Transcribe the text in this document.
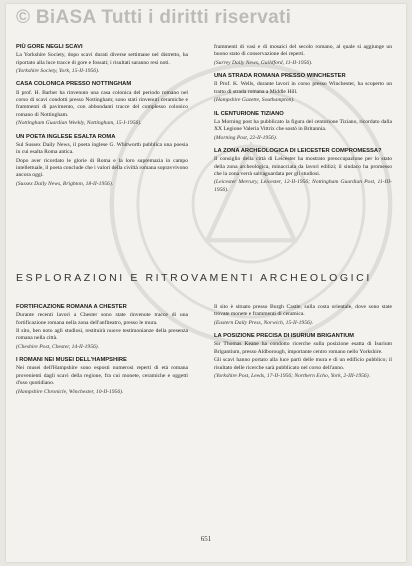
© BiASA Tutti i diritti riservati
PIÙ GORE NEGLI SCAVI
La Yorkshire Society, dopo scavi durati diverse settimane nel distretto, ha riportato alla luce tracce di gore e fossati; i risultati saranno resi noti.
(Yorkshire Society, York, 15-II-1956).
CASA COLONICA PRESSO NOTTINGHAM
Il prof. H. Barber ha rinvenuto una casa colonica del periodo romano nel corso di scavi condotti presso Nottingham; sono stati rinvenuti ceramiche e frammenti di pavimento, con abbondanti tracce del complesso colonico romano di Nottingham.
(Nottingham Guardian Weekly, Nottingham, 15-I-1956).
UN POETA INGLESE ESALTA ROMA
Sul Sussex Daily News, il poeta inglese G. Whitworth pubblica una poesia in cui esalta Roma antica.
Dopo aver ricordato le glorie di Roma e la loro supremazia in campo intellettuale, il poeta conclude che i valori della civiltà romana sopravvivono ancora oggi.
(Sussex Daily News, Brighton, 18-II-1956).
frammenti di vasi e di mosaici del secolo romano, al quale si aggiunge un buono stato di conservazione dei reperti.
(Surrey Daily News, Guildford, 11-II-1956).
UNA STRADA ROMANA PRESSO WINCHESTER
Il Prof. K. Wells, durante lavori in corso presso Winchester, ha scoperto un tratto di strada romana a Middle Hill.
(Hampshire Gazette, Southampton).
IL CENTURIONE TIZIANO
La Morning post ha pubblicato la figura del centurione Tiziano, ricordato dalla XX Legione Valeria Vittrix che sostò in Britannia.
(Morning Post, 22-II-1956).
LA ZONA ARCHEOLOGICA DI LEICESTER COMPROMESSA?
Il consiglio della città di Leicester ha mostrato preoccupazione per lo stato della zona archeologica, minacciata da lavori edilizi; il sindaco ha promesso che la zona verrà salvaguardata per gli studiosi.
(Leicester Mercury, Leicester, 12-II-1956; Nottingham Guardian Post, 11-III-1956).
ESPLORAZIONI E RITROVAMENTI ARCHEOLOGICI
FORTIFICAZIONE ROMANA A CHESTER
Durante recenti lavori a Chester sono state rinvenute tracce di una fortificazione romana nella zona dell'anfiteatro, presso le mura.
Il sito, ben noto agli studiosi, restituirà nuove testimonianze della presenza romana nella città.
(Cheshire Post, Chester, 14-II-1956).
I ROMANI NEI MUSEI DELL'HAMPSHIRE
Nei musei dell'Hampshire sono esposti numerosi reperti di età romana provenienti dagli scavi della regione, fra cui monete, ceramiche e oggetti d'uso quotidiano.
(Hampshire Chronicle, Winchester, 10-II-1956).
Il sito è situato presso Burgh Castle, sulla costa orientale, dove sono state trovate monete e frammenti di ceramica.
(Eastern Daily Press, Norwich, 15-II-1956).
LA POSIZIONE PRECISA DI ISURIUM BRIGANTIUM
Sir Thomas Keane ha condotto ricerche sulla posizione esatta di Isurium Brigantium, presso Aldborough, importante centro romano nello Yorkshire.
Gli scavi hanno portato alla luce parti delle mura e di un edificio pubblico; il risultato delle ricerche sarà pubblicato nel corso dell'anno.
(Yorkshire Post, Leeds, 17-II-1956; Northern Echo, York, 2-III-1956).
651
